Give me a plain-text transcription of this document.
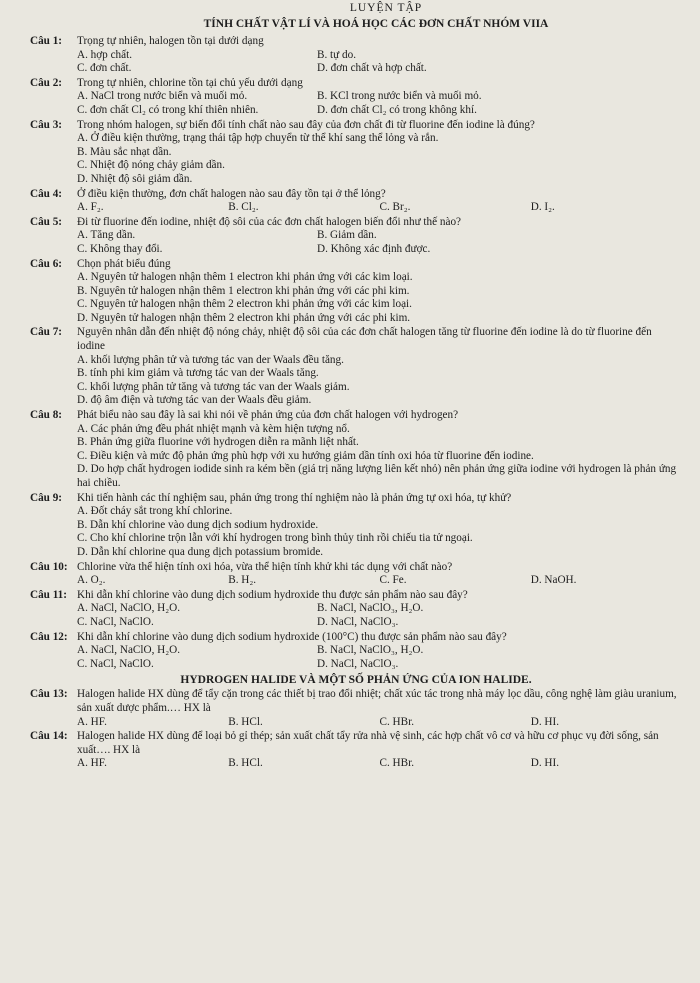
LUYỆN TẬP
TÍNH CHẤT VẬT LÍ VÀ HOÁ HỌC CÁC ĐƠN CHẤT NHÓM VIIA
Câu 1:	Trọng tự nhiên, halogen tồn tại dưới dạng
A. hợp chất.	B. tự do.
C. đơn chất.	D. đơn chất và hợp chất.
Câu 2:	Trong tự nhiên, chlorine tồn tại chủ yếu dưới dạng
A. NaCl trong nước biển và muối mỏ.	B. KCl trong nước biển và muối mỏ.
C. đơn chất Cl₂ có trong khí thiên nhiên.	D. đơn chất Cl₂ có trong không khí.
Câu 3:	Trong nhóm halogen, sự biến đổi tính chất nào sau đây của đơn chất đi từ fluorine đến iodine là đúng?
A. Ở điều kiện thường, trạng thái tập hợp chuyển từ thể khí sang thể lỏng và rắn.
B. Màu sắc nhạt dần.
C. Nhiệt độ nóng chảy giảm dần.
D. Nhiệt độ sôi giảm dần.
Câu 4:	Ở điều kiện thường, đơn chất halogen nào sau đây tồn tại ở thể lỏng?
A. F₂.	B. Cl₂.	C. Br₂.	D. I₂.
Câu 5:	Đi từ fluorine đến iodine, nhiệt độ sôi của các đơn chất halogen biến đổi như thế nào?
A. Tăng dần.	B. Giảm dần.
C. Không thay đổi.	D. Không xác định được.
Câu 6:	Chọn phát biểu đúng
A. Nguyên tử halogen nhận thêm 1 electron khi phản ứng với các kim loại.
B. Nguyên tử halogen nhận thêm 1 electron khi phản ứng với các phi kim.
C. Nguyên tử halogen nhận thêm 2 electron khi phản ứng với các kim loại.
D. Nguyên tử halogen nhận thêm 2 electron khi phản ứng với các phi kim.
Câu 7:	Nguyên nhân dẫn đến nhiệt độ nóng chảy, nhiệt độ sôi của các đơn chất halogen tăng từ fluorine đến iodine là do từ fluorine đến iodine
A. khối lượng phân tử và tương tác van der Waals đều tăng.
B. tính phi kim giảm và tương tác van der Waals tăng.
C. khối lượng phân tử tăng và tương tác van der Waals giảm.
D. độ âm điện và tương tác van der Waals đều giảm.
Câu 8:	Phát biểu nào sau đây là sai khi nói về phản ứng của đơn chất halogen với hydrogen?
A. Các phản ứng đều phát nhiệt mạnh và kèm hiện tượng nổ.
B. Phản ứng giữa fluorine với hydrogen diễn ra mãnh liệt nhất.
C. Điều kiện và mức độ phản ứng phù hợp với xu hướng giảm dần tính oxi hóa từ fluorine đến iodine.
D. Do hợp chất hydrogen iodide sinh ra kém bền (giá trị năng lượng liên kết nhỏ) nên phản ứng giữa iodine với hydrogen là phản ứng hai chiều.
Câu 9:	Khi tiến hành các thí nghiệm sau, phản ứng trong thí nghiệm nào là phản ứng tự oxi hóa, tự khử?
A. Đốt cháy sắt trong khí chlorine.
B. Dẫn khí chlorine vào dung dịch sodium hydroxide.
C. Cho khí chlorine trộn lẫn với khí hydrogen trong bình thủy tinh rồi chiếu tia tử ngoại.
D. Dẫn khí chlorine qua dung dịch potassium bromide.
Câu 10: Chlorine vừa thể hiện tính oxi hóa, vừa thể hiện tính khử khi tác dụng với chất nào?
A. O₂.	B. H₂.	C. Fe.	D. NaOH.
Câu 11: Khi dẫn khí chlorine vào dung dịch sodium hydroxide thu được sản phẩm nào sau đây?
A. NaCl, NaClO, H₂O.	B. NaCl, NaClO₃, H₂O.
C. NaCl, NaClO.	D. NaCl, NaClO₃.
Câu 12: Khi dẫn khí chlorine vào dung dịch sodium hydroxide (100°C) thu được sản phẩm nào sau đây?
A. NaCl, NaClO, H₂O.	B. NaCl, NaClO₃, H₂O.
C. NaCl, NaClO.	D. NaCl, NaClO₃.
HYDROGEN HALIDE VÀ MỘT SỐ PHẢN ỨNG CỦA ION HALIDE.
Câu 13: Halogen halide HX dùng để tẩy cặn trong các thiết bị trao đổi nhiệt; chất xúc tác trong nhà máy lọc dầu, công nghệ làm giàu uranium, sản xuất dược phẩm.… HX là
A. HF.	B. HCl.	C. HBr.	D. HI.
Câu 14: Halogen halide HX dùng để loại bỏ gỉ thép; sản xuất chất tẩy rửa nhà vệ sinh, các hợp chất vô cơ và hữu cơ phục vụ đời sống, sản xuất…. HX là
A. HF.	B. HCl.	C. HBr.	D. HI.
